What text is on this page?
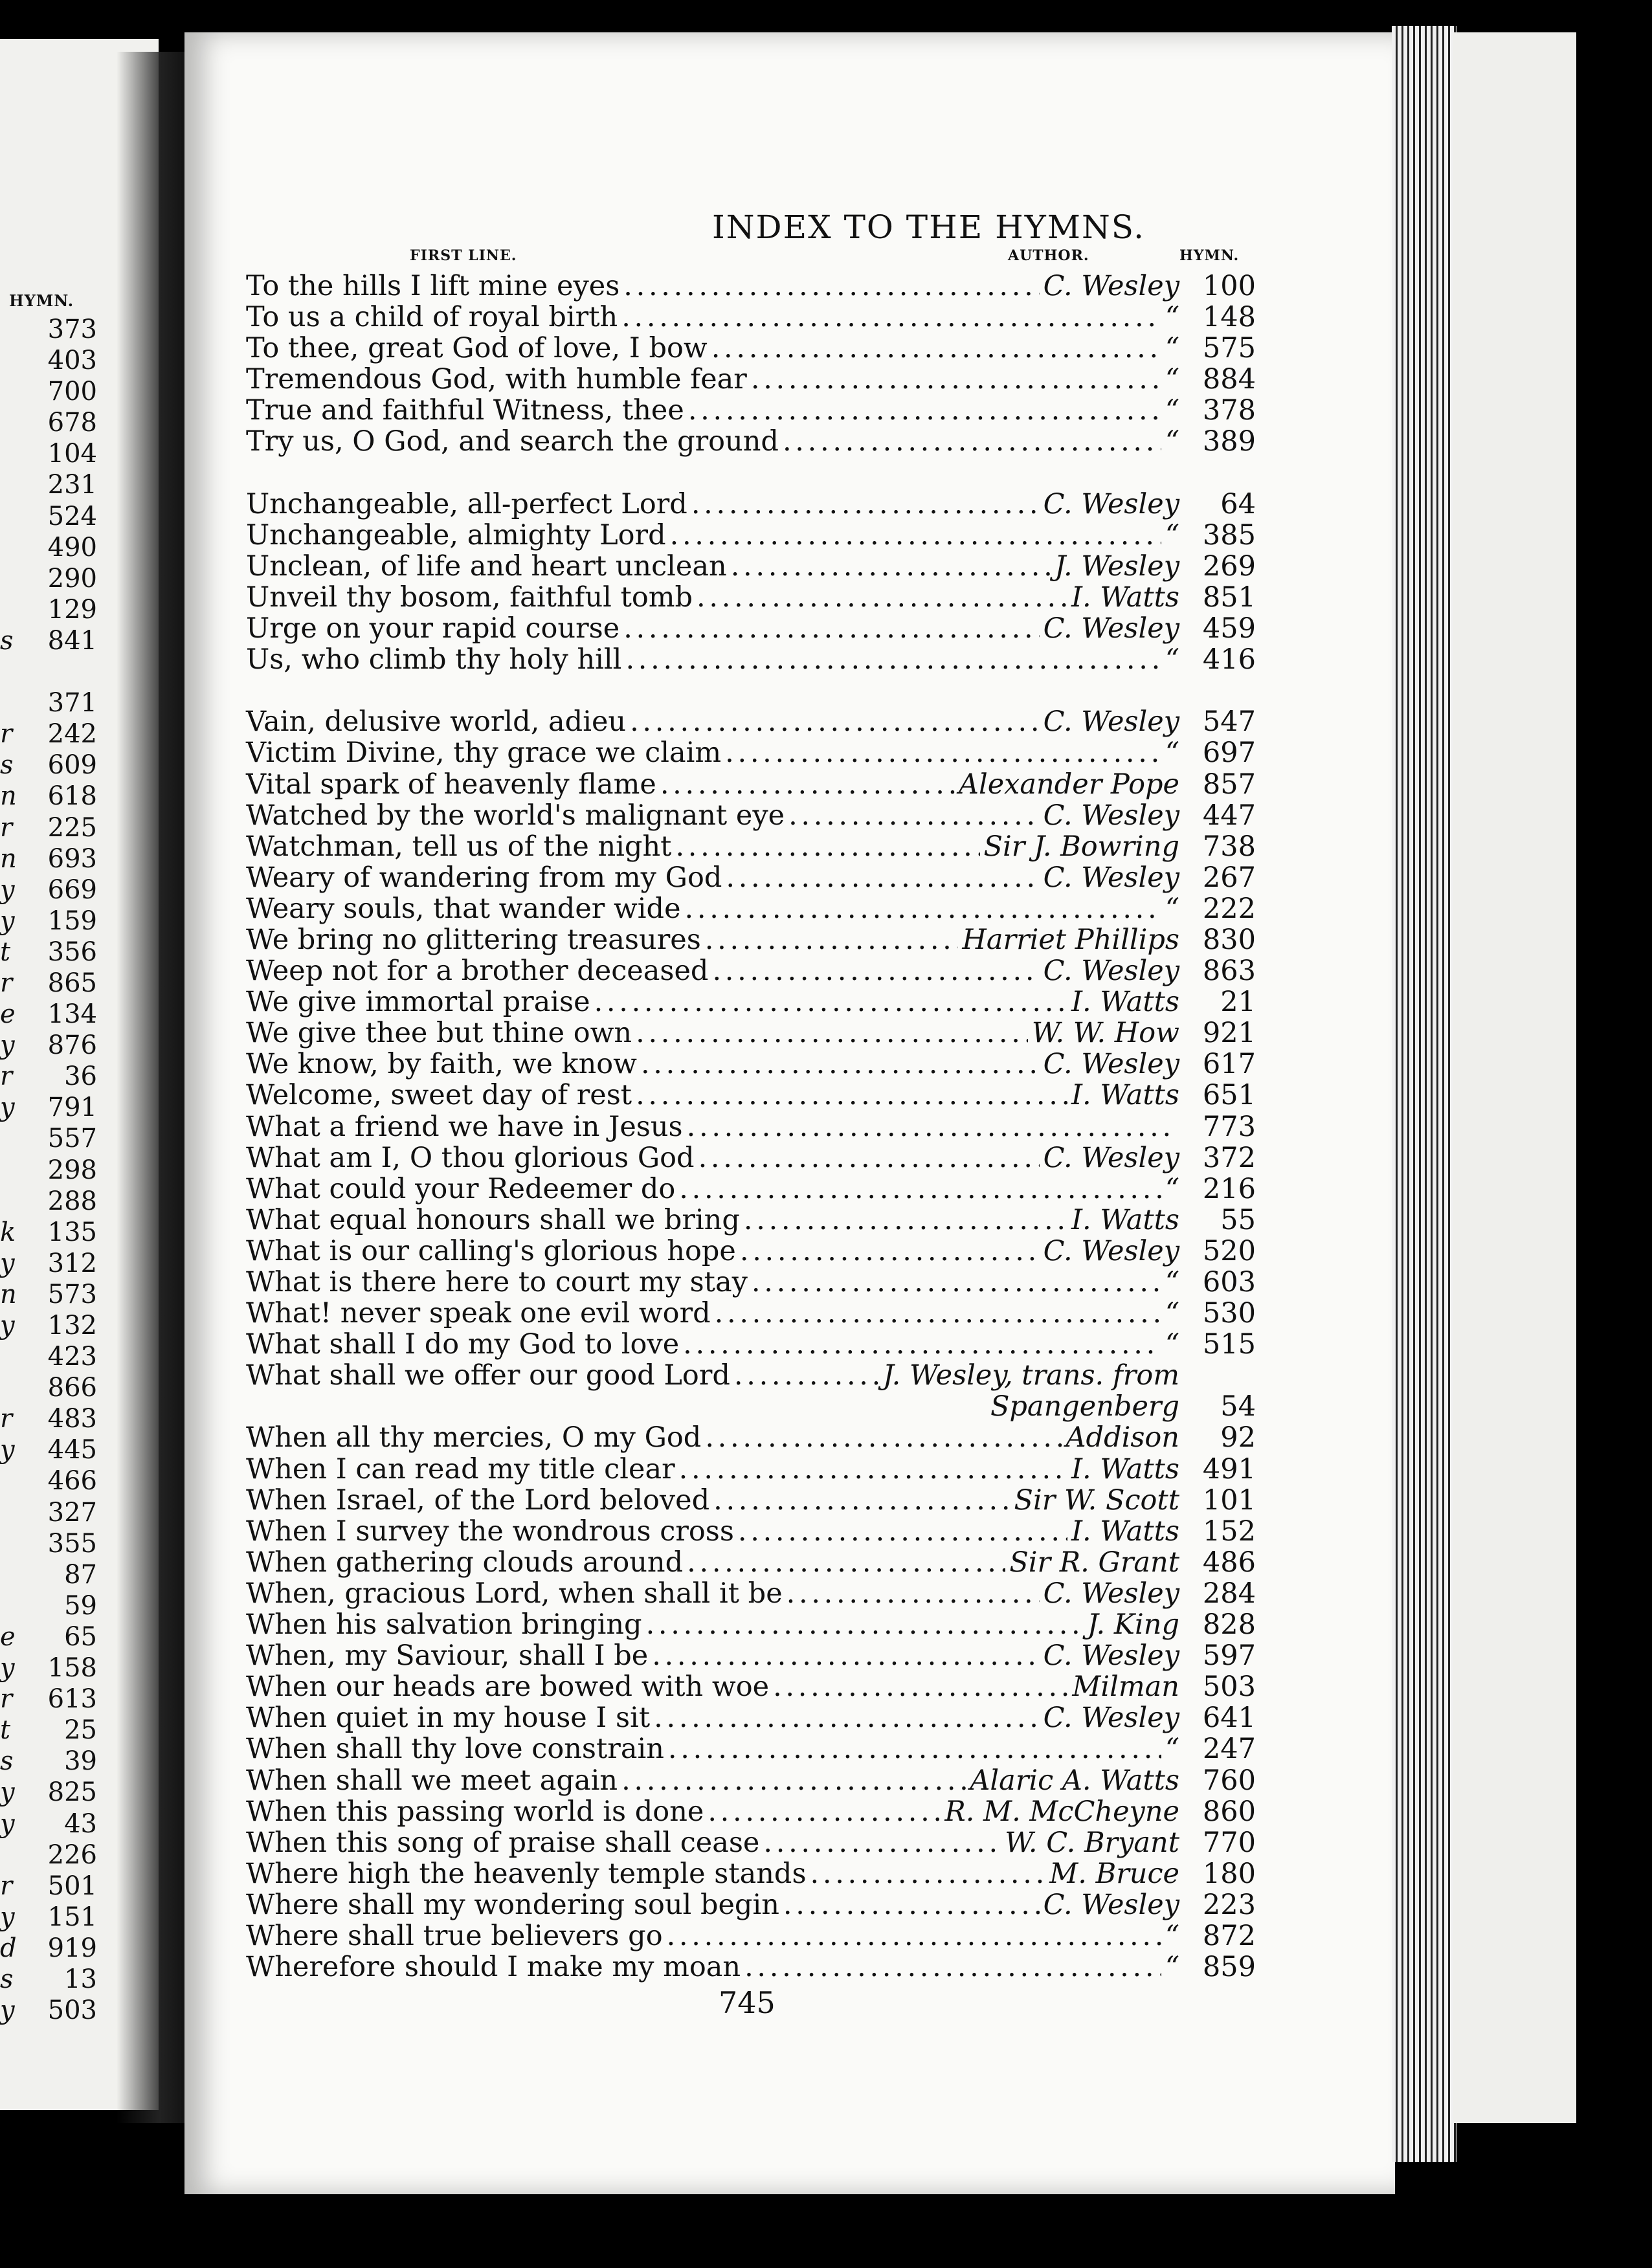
HYMN.
373
403
700
678
104
231
524
490
290
129
s 841
371
r 242
s 609
n 618
r 225
n 693
y 669
y 159
t 356
r 865
e 134
y 876
r 36
y 791
557
298
288
k 135
y 312
n 573
y 132
423
866
r 483
y 445
466
327
355
87
59
e 65
y 158
r 613
t 25
s 39
y 825
y 43
226
r 501
y 151
d 919
s 13
y 503
INDEX TO THE HYMNS.
FIRST LINE.	AUTHOR.	HYMN.
To the hills I lift mine eyes . . .	C. Wesley 100
To us a child of royal birth . . .	“ 148
To thee, great God of love, I bow . . .	“ 575
Tremendous God, with humble fear . . .	“ 884
True and faithful Witness, thee . . .	“ 378
Try us, O God, and search the ground . . .	“ 389
Unchangeable, all-perfect Lord . . .	C. Wesley	64
Unchangeable, almighty Lord . . .	“ 385
Unclean, of life and heart unclean . . .	J. Wesley 269
Unveil thy bosom, faithful tomb . . .	I. Watts 851
Urge on your rapid course . . .	C. Wesley 459
Us, who climb thy holy hill . . .	“ 416
Vain, delusive world, adieu . . .	C. Wesley 547
Victim Divine, thy grace we claim . . .	“ 697
Vital spark of heavenly flame . . .	Alexander Pope 857
Watched by the world's malignant eye . . .	C. Wesley 447
Watchman, tell us of the night . . .	Sir J. Bowring 738
Weary of wandering from my God . . .	C. Wesley 267
Weary souls, that wander wide . . .	“ 222
We bring no glittering treasures . . .	Harriet Phillips 830
Weep not for a brother deceased . . .	C. Wesley 863
We give immortal praise . . .	I. Watts	21
We give thee but thine own . . .	W. W. How 921
We know, by faith, we know . . .	C. Wesley 617
Welcome, sweet day of rest . . .	I. Watts 651
What a friend we have in Jesus . . .	773
What am I, O thou glorious God . . .	C. Wesley 372
What could your Redeemer do . . .	“ 216
What equal honours shall we bring . . .	I. Watts	55
What is our calling's glorious hope . . .	C. Wesley 520
What is there here to court my stay . . .	“ 603
What! never speak one evil word . . .	“ 530
What shall I do my God to love . . .	“ 515
What shall we offer our good Lord . . .	J. Wesley, trans. from
Spangenberg	54
When all thy mercies, O my God . . .	Addison	92
When I can read my title clear . . .	I. Watts 491
When Israel, of the Lord beloved . . .	Sir W. Scott 101
When I survey the wondrous cross . . .	I. Watts 152
When gathering clouds around . . .	Sir R. Grant 486
When, gracious Lord, when shall it be . . .	C. Wesley 284
When his salvation bringing . . .	J. King 828
When, my Saviour, shall I be . . .	C. Wesley 597
When our heads are bowed with woe . . .	Milman 503
When quiet in my house I sit . . .	C. Wesley 641
When shall thy love constrain . . .	“ 247
When shall we meet again . . .	Alaric A. Watts 760
When this passing world is done . . .	R. M. McCheyne 860
When this song of praise shall cease . . .	W. C. Bryant 770
Where high the heavenly temple stands . . .	M. Bruce 180
Where shall my wondering soul begin . . .	C. Wesley 223
Where shall true believers go . . .	“ 872
Wherefore should I make my moan . . .	“ 859
745
